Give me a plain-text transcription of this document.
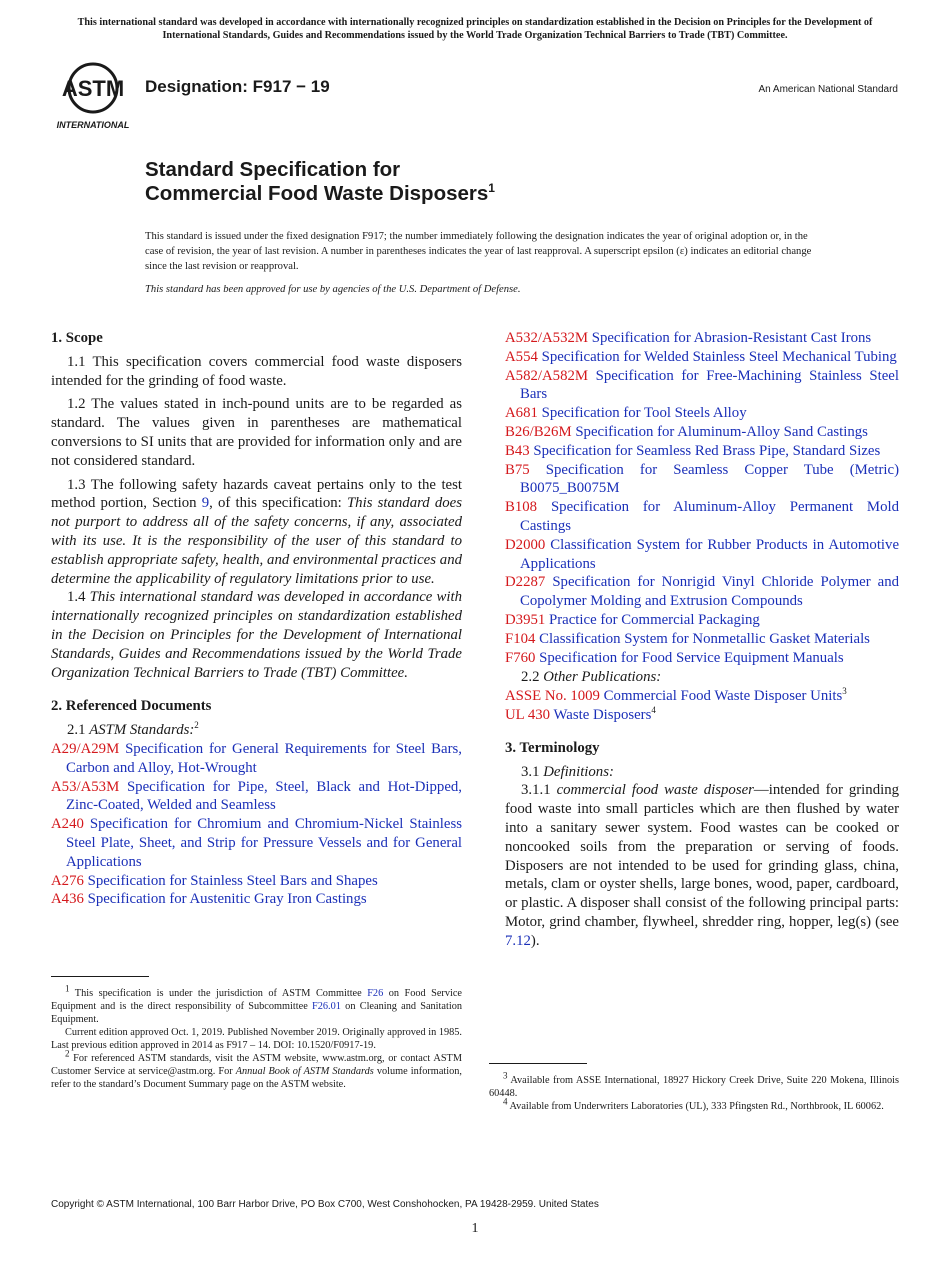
This international standard was developed in accordance with internationally recognized principles on standardization established in the Decision on Principles for the Development of International Standards, Guides and Recommendations issued by the World Trade Organization Technical Barriers to Trade (TBT) Committee.
ASTM
INTERNATIONAL
Designation: F917 − 19	An American National Standard
Standard Specification for
Commercial Food Waste Disposers$^1$
This standard is issued under the fixed designation F917; the number immediately following the designation indicates the year of original adoption or, in the case of revision, the year of last revision. A number in parentheses indicates the year of last reapproval. A superscript epsilon (ε) indicates an editorial change since the last revision or reapproval.
This standard has been approved for use by agencies of the U.S. Department of Defense.

1. Scope

1.1 This specification covers commercial food waste disposers intended for the grinding of food waste.

1.2 The values stated in inch-pound units are to be regarded as standard. The values given in parentheses are mathematical conversions to SI units that are provided for information only and are not considered standard.

1.3 The following safety hazards caveat pertains only to the test method portion, Section 9, of this specification: This standard does not purport to address all of the safety concerns, if any, associated with its use. It is the responsibility of the user of this standard to establish appropriate safety, health, and environmental practices and determine the applicability of regulatory limitations prior to use.

1.4 This international standard was developed in accordance with internationally recognized principles on standardization established in the Decision on Principles for the Development of International Standards, Guides and Recommendations issued by the World Trade Organization Technical Barriers to Trade (TBT) Committee.

2. Referenced Documents

2.1 ASTM Standards:$^2$

A29/A29M Specification for General Requirements for Steel Bars, Carbon and Alloy, Hot-Wrought

A53/A53M Specification for Pipe, Steel, Black and Hot-Dipped, Zinc-Coated, Welded and Seamless

A240 Specification for Chromium and Chromium-Nickel Stainless Steel Plate, Sheet, and Strip for Pressure Vessels and for General Applications

A276 Specification for Stainless Steel Bars and Shapes

A436 Specification for Austenitic Gray Iron Castings

$^1$ This specification is under the jurisdiction of ASTM Committee F26 on Food Service Equipment and is the direct responsibility of Subcommittee F26.01 on Cleaning and Sanitation Equipment.

Current edition approved Oct. 1, 2019. Published November 2019. Originally approved in 1985. Last previous edition approved in 2014 as F917 – 14. DOI: 10.1520/F0917-19.

$^2$ For referenced ASTM standards, visit the ASTM website, www.astm.org, or contact ASTM Customer Service at service@astm.org. For Annual Book of ASTM Standards volume information, refer to the standard’s Document Summary page on the ASTM website.

A532/A532M Specification for Abrasion-Resistant Cast Irons

A554 Specification for Welded Stainless Steel Mechanical Tubing

A582/A582M Specification for Free-Machining Stainless Steel Bars

A681 Specification for Tool Steels Alloy

B26/B26M Specification for Aluminum-Alloy Sand Castings

B43 Specification for Seamless Red Brass Pipe, Standard Sizes

B75 Specification for Seamless Copper Tube (Metric) B0075_B0075M

B108 Specification for Aluminum-Alloy Permanent Mold Castings

D2000 Classification System for Rubber Products in Automotive Applications

D2287 Specification for Nonrigid Vinyl Chloride Polymer and Copolymer Molding and Extrusion Compounds

D3951 Practice for Commercial Packaging

F104 Classification System for Nonmetallic Gasket Materials

F760 Specification for Food Service Equipment Manuals

2.2 Other Publications:

ASSE No. 1009 Commercial Food Waste Disposer Units$^3$

UL 430 Waste Disposers$^4$

3. Terminology

3.1 Definitions:

3.1.1 commercial food waste disposer—intended for grinding food waste into small particles which are then flushed by water into a sanitary sewer system. Food wastes can be cooked or noncooked soils from the preparation or serving of foods. Disposers are not intended to be used for grinding glass, china, metals, clam or oyster shells, large bones, wood, paper, cardboard, or plastic. A disposer shall consist of the following principal parts: Motor, grind chamber, flywheel, shredder ring, hopper, leg(s) (see 7.12).

$^3$ Available from ASSE International, 18927 Hickory Creek Drive, Suite 220 Mokena, Illinois 60448.

$^4$ Available from Underwriters Laboratories (UL), 333 Pfingsten Rd., Northbrook, IL 60062.

Copyright © ASTM International, 100 Barr Harbor Drive, PO Box C700, West Conshohocken, PA 19428-2959. United States
1
